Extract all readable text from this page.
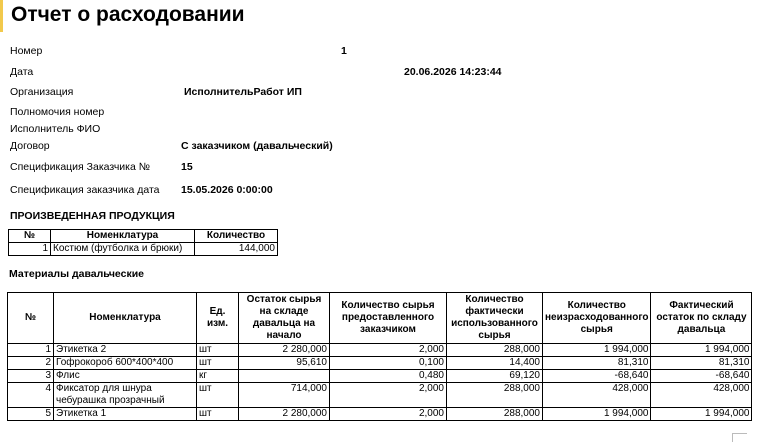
Отчет о расходовании
Номер	1
Дата	20.06.2026 14:23:44
Организация	ИсполнительРабот ИП
Полномочия номер
Исполнитель ФИО
Договор	С заказчиком (давальческий)
Спецификация Заказчика №	15
Спецификация заказчика дата 15.05.2026 0:00:00
ПРОИЗВЕДЕННАЯ ПРОДУКЦИЯ
№	Номенклатура	Количество
1	Костюм (футболка и брюки)	144,000
Материалы давальческие
№	Номенклатура	Ед. изм.	Остаток сырья на складе давальца на начало	Количество сырья предоставленного заказчиком	Количество фактически использованного сырья	Количество неизрасходованного сырья	Фактический остаток по складу давальца
1	Этикетка 2	шт	2 280,000	2,000	288,000	1 994,000	1 994,000
2	Гофрокороб 600*400*400	шт	95,610	0,100	14,400	81,310	81,310
3	Флис	кг		0,480	69,120	-68,640	-68,640
4	Фиксатор для шнура чебурашка прозрачный	шт	714,000	2,000	288,000	428,000	428,000
5	Этикетка 1	шт	2 280,000	2,000	288,000	1 994,000	1 994,000
